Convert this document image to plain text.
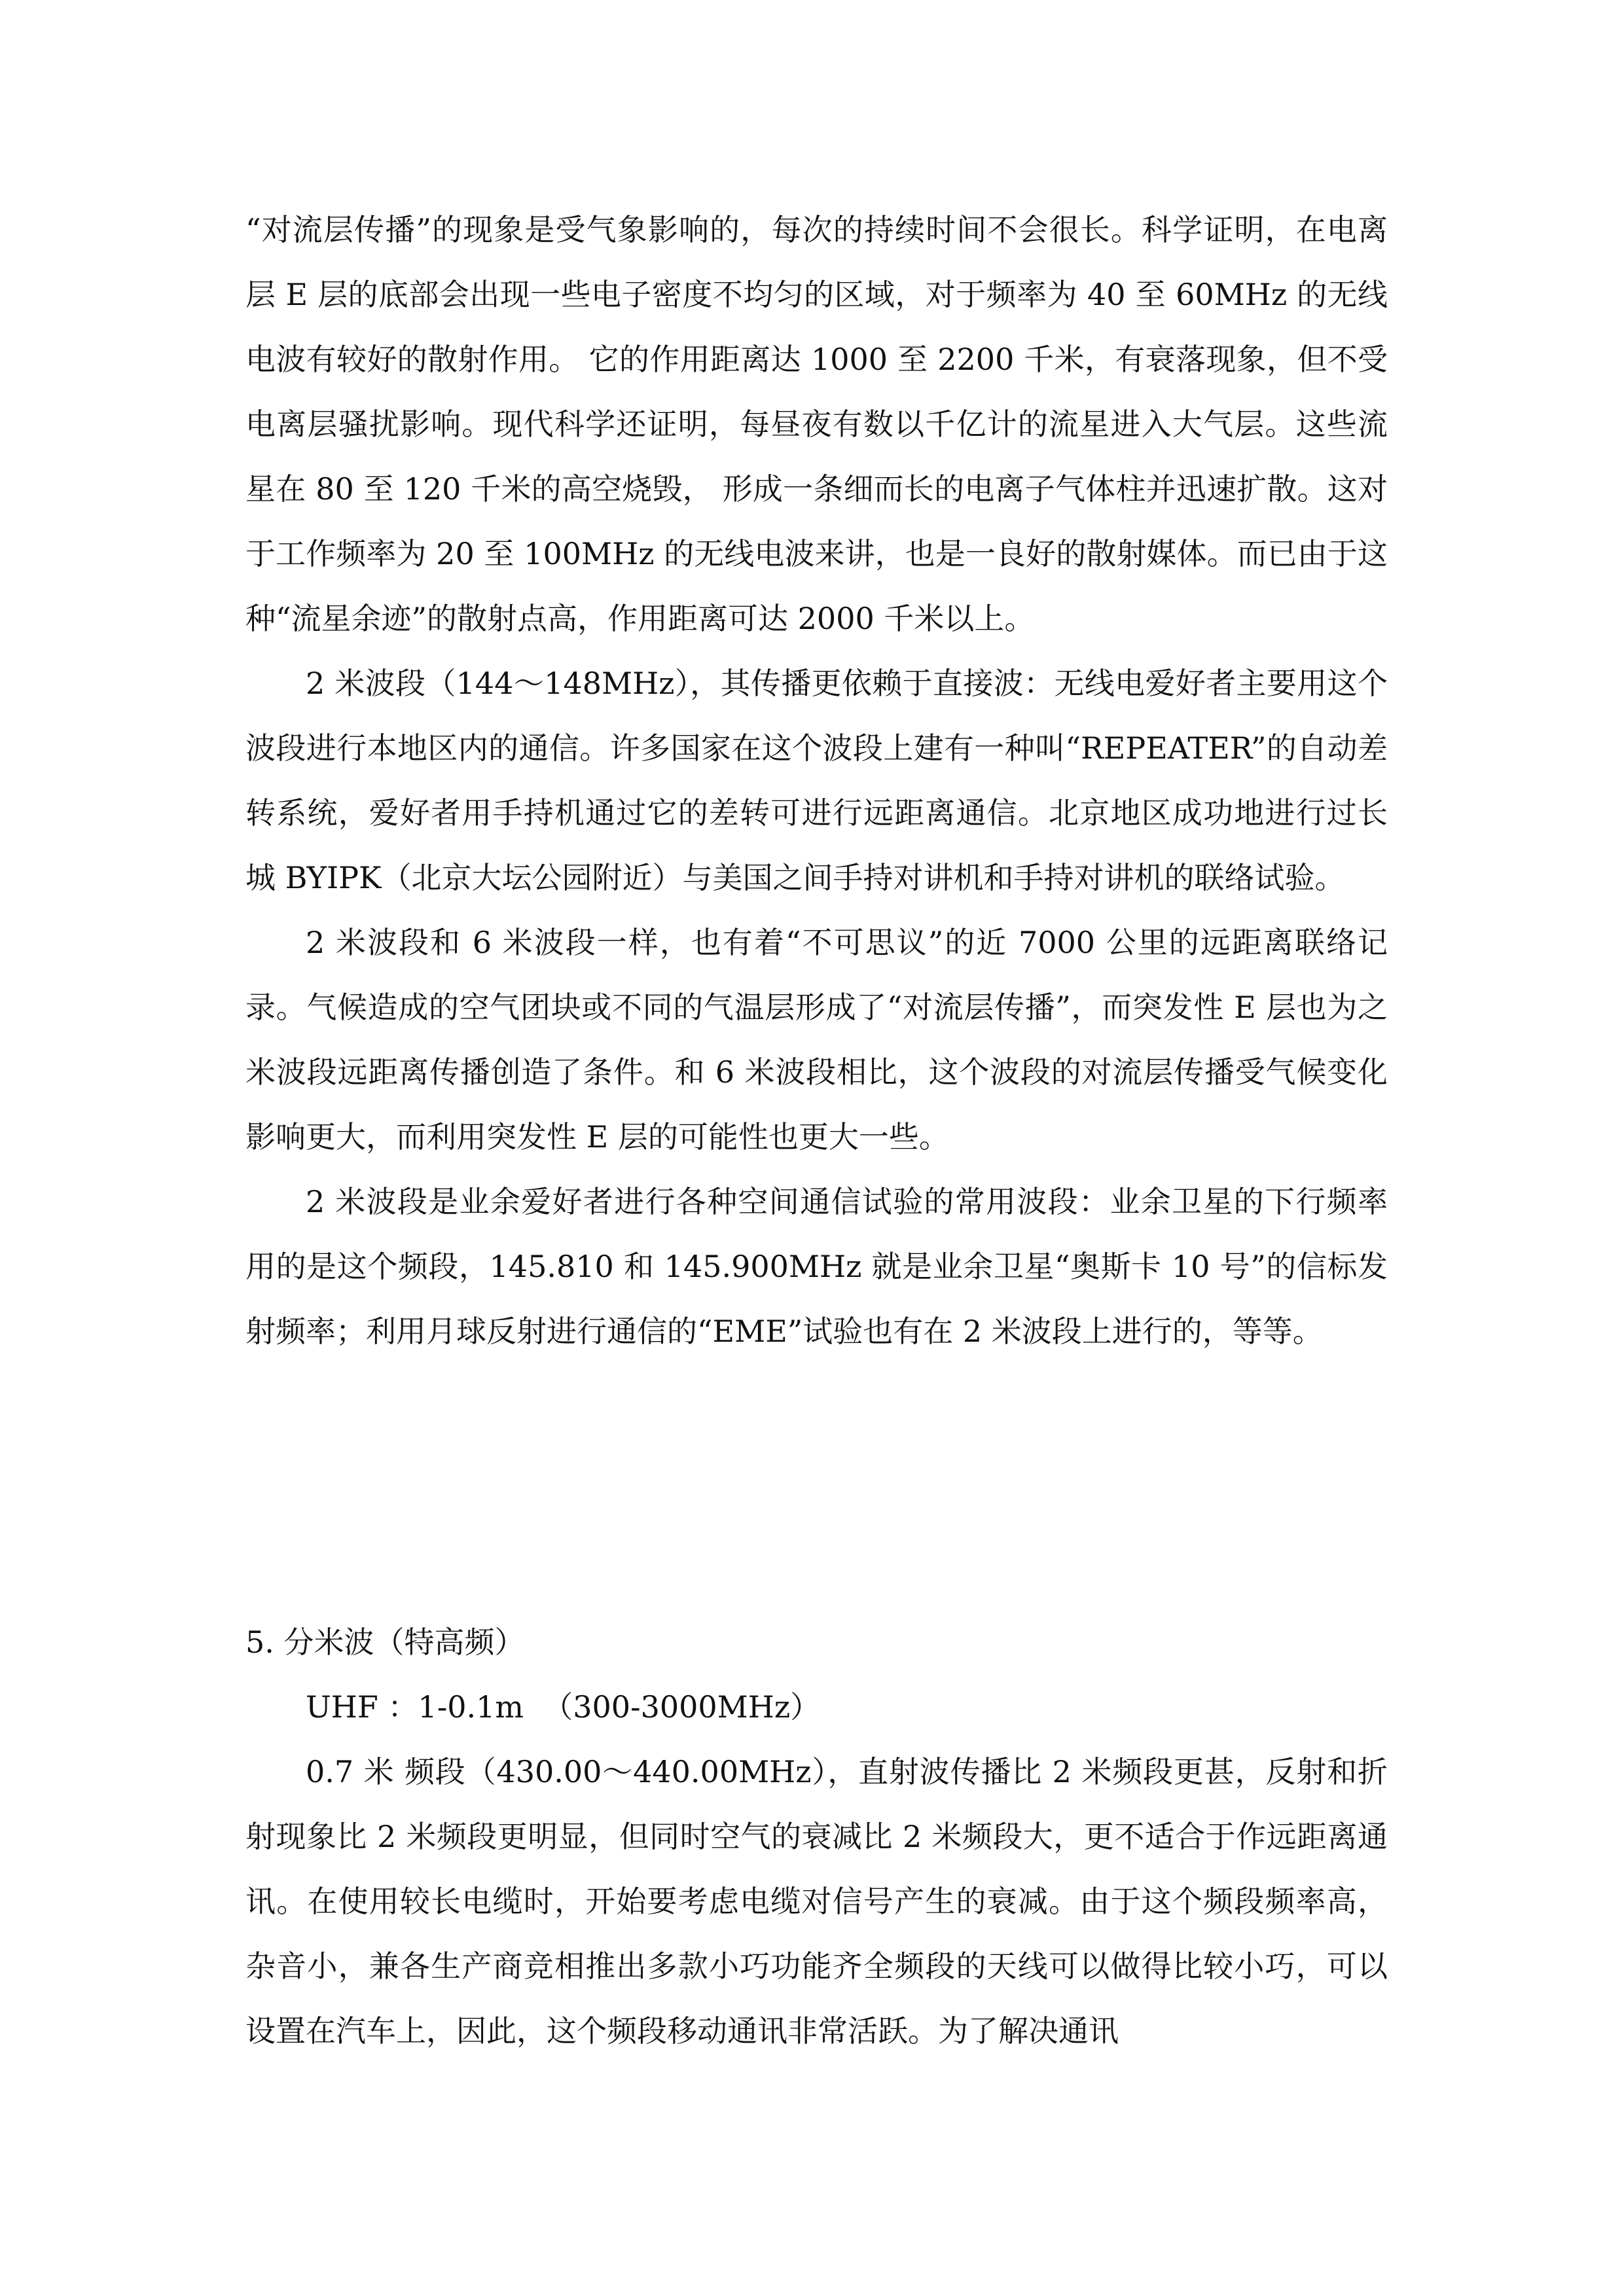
“对流层传播”的现象是受气象影响的，每次的持续时间不会很长。科学证明，在电离层 E 层的底部会出现一些电子密度不均匀的区域，对于频率为 40 至 60MHz 的无线电波有较好的散射作用。 它的作用距离达 1000 至 2200 千米，有衰落现象，但不受电离层骚扰影响。现代科学还证明，每昼夜有数以千亿计的流星进入大气层。这些流星在 80 至 120 千米的高空烧毁， 形成一条细而长的电离子气体柱并迅速扩散。这对于工作频率为 20 至 100MHz 的无线电波来讲，也是一良好的散射媒体。而已由于这种“流星余迹”的散射点高，作用距离可达 2000 千米以上。

2 米波段（144～148MHz），其传播更依赖于直接波：无线电爱好者主要用这个波段进行本地区内的通信。许多国家在这个波段上建有一种叫“REPEATER”的自动差转系统，爱好者用手持机通过它的差转可进行远距离通信。北京地区成功地进行过长城 BYIPK（北京大坛公园附近）与美国之间手持对讲机和手持对讲机的联络试验。

2 米波段和 6 米波段一样，也有着“不可思议”的近 7000 公里的远距离联络记录。气候造成的空气团块或不同的气温层形成了“对流层传播”，而突发性 E 层也为之米波段远距离传播创造了条件。和 6 米波段相比，这个波段的对流层传播受气候变化影响更大，而利用突发性 E 层的可能性也更大一些。

2 米波段是业余爱好者进行各种空间通信试验的常用波段：业余卫星的下行频率用的是这个频段，145.810 和 145.900MHz 就是业余卫星“奥斯卡 10 号”的信标发射频率；利用月球反射进行通信的“EME”试验也有在 2 米波段上进行的，等等。

5. 分米波（特高频）

UHF ：1-0.1m  （300-3000MHz）

0.7 米 频段（430.00～440.00MHz），直射波传播比 2 米频段更甚，反射和折射现象比 2 米频段更明显，但同时空气的衰减比 2 米频段大，更不适合于作远距离通讯。在使用较长电缆时，开始要考虑电缆对信号产生的衰减。由于这个频段频率高，杂音小，兼各生产商竞相推出多款小巧功能齐全频段的天线可以做得比较小巧，可以设置在汽车上，因此，这个频段移动通讯非常活跃。为了解决通讯
